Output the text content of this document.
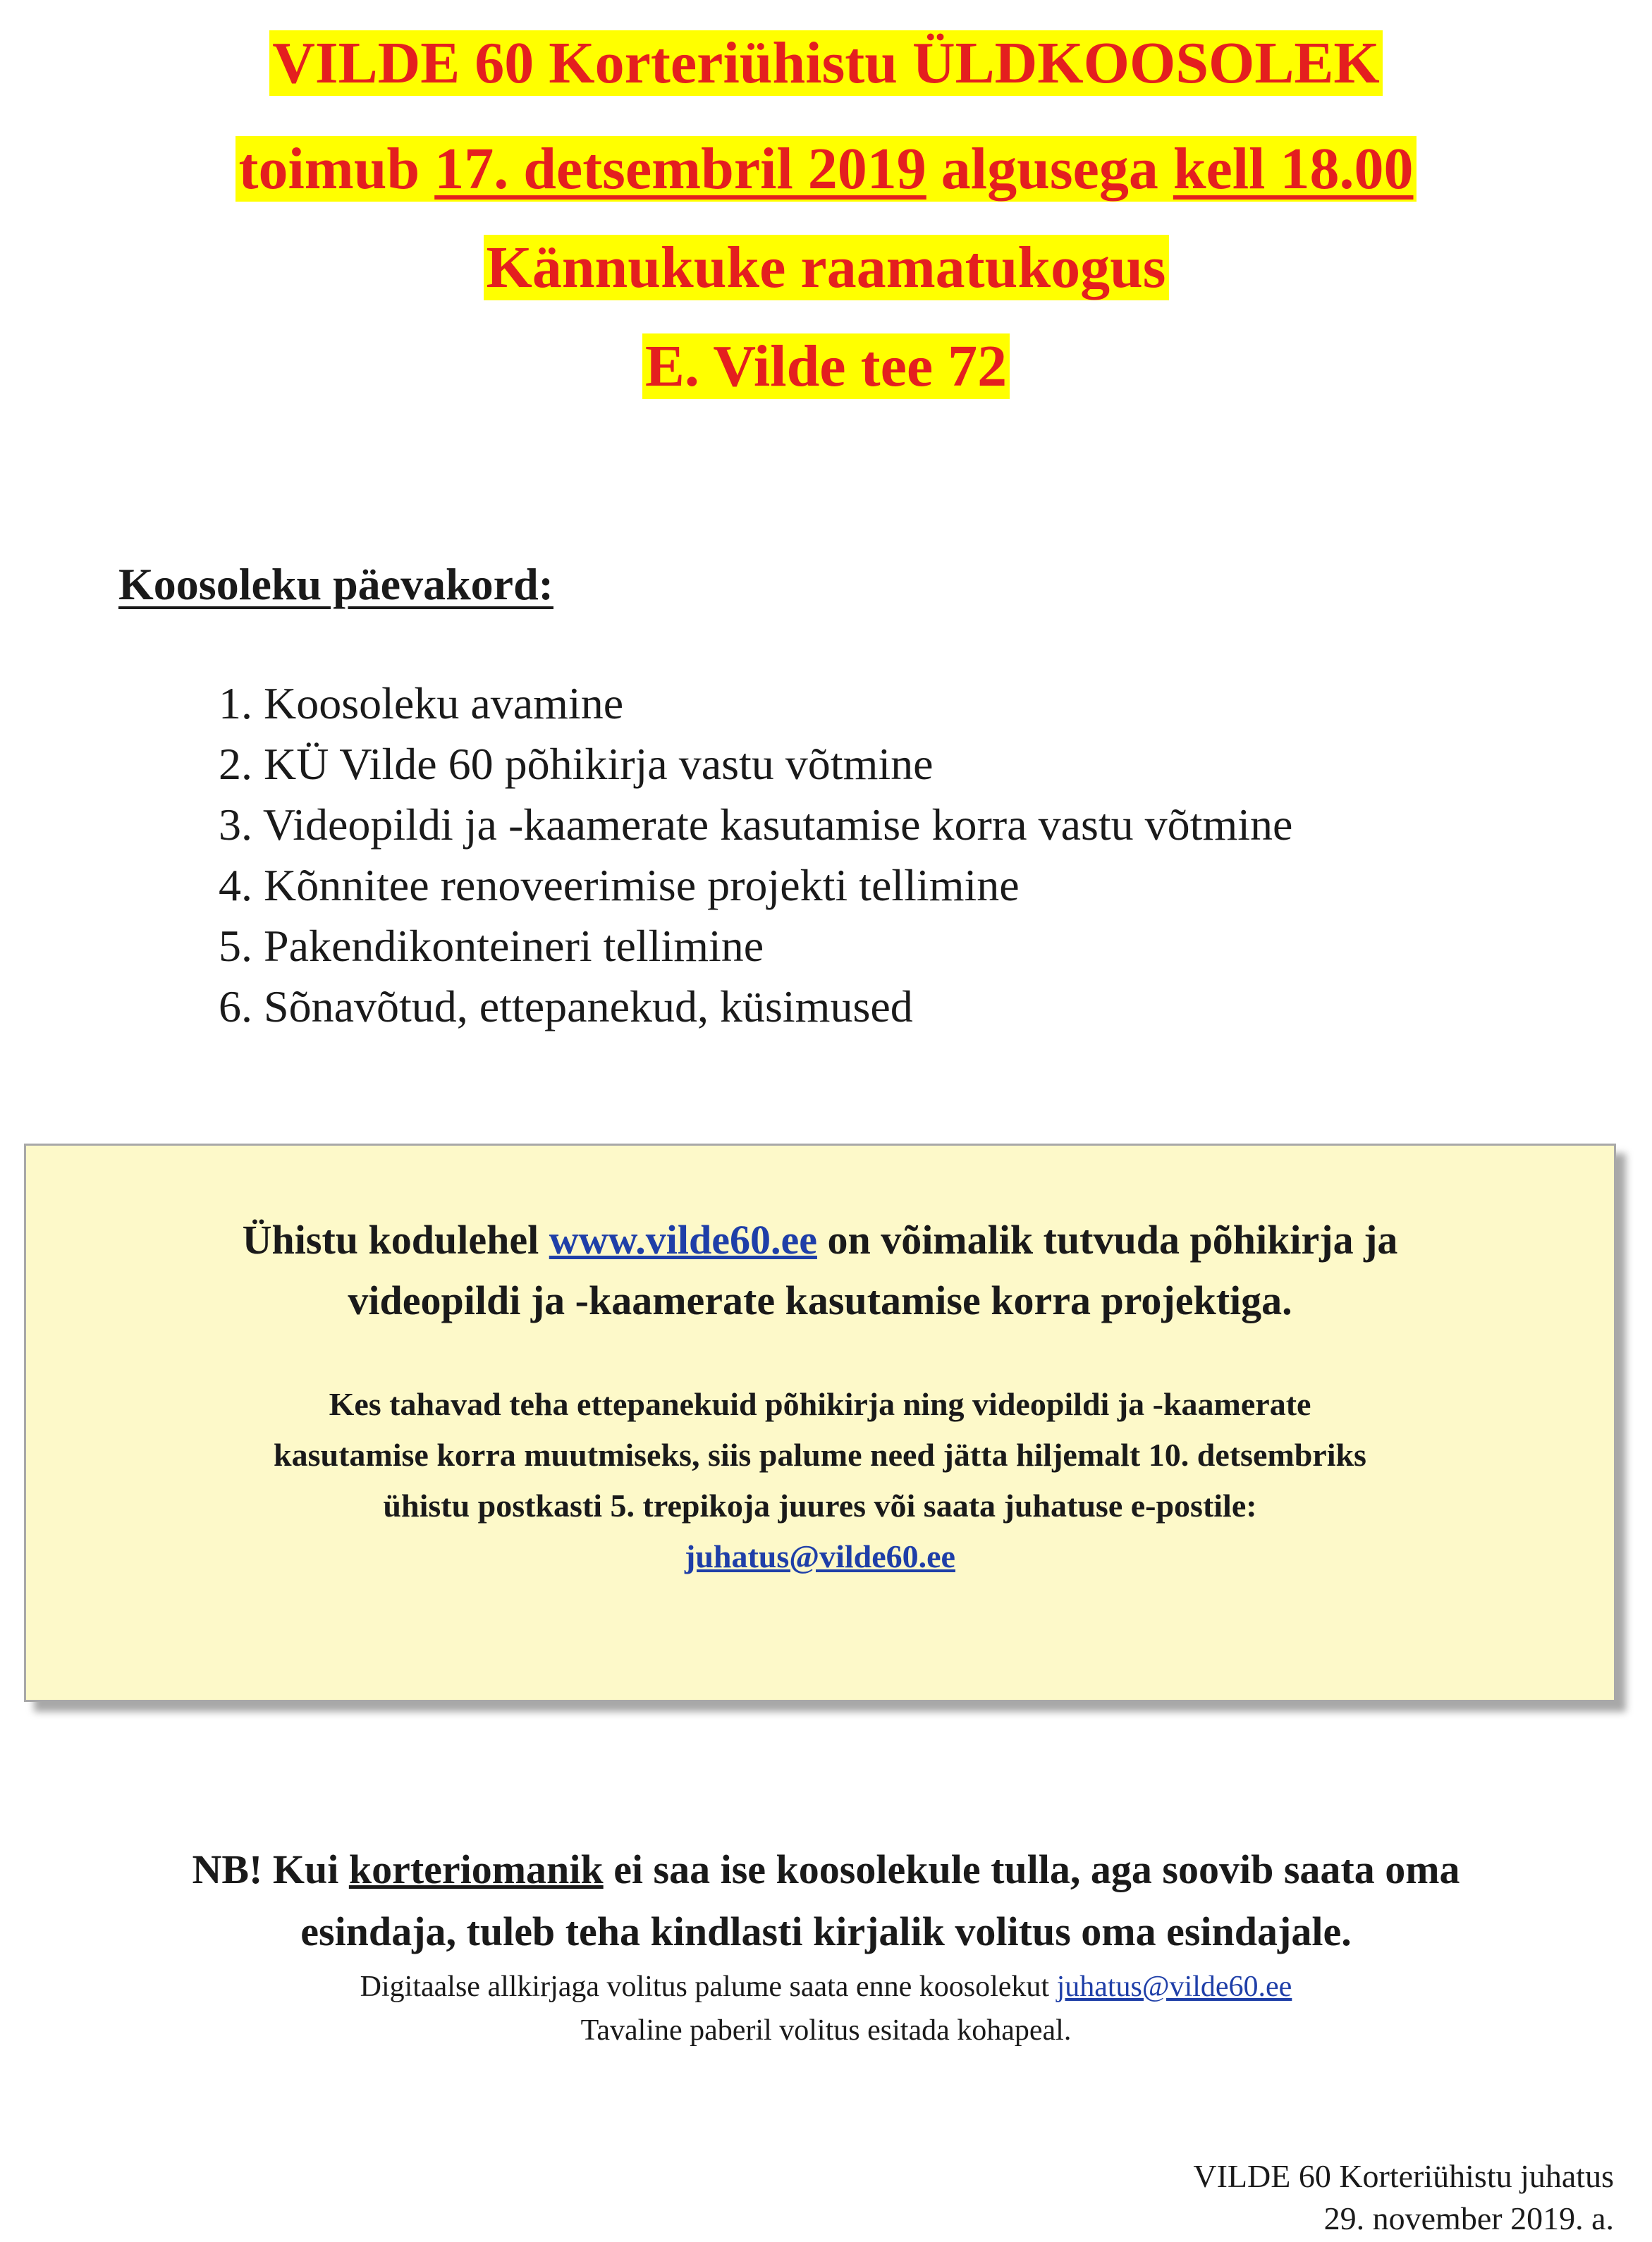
VILDE 60 Korteriühistu ÜLDKOOSOLEK
toimub 17. detsembril 2019 algusega kell 18.00
Kännukuke raamatukogus
E. Vilde tee 72
Koosoleku päevakord:
1. Koosoleku avamine
2. KÜ Vilde 60 põhikirja vastu võtmine
3. Videopildi ja -kaamerate kasutamise korra vastu võtmine
4. Kõnnitee renoveerimise projekti tellimine
5. Pakendikonteineri tellimine
6. Sõnavõtud, ettepanekud, küsimused
Ühistu kodulehel www.vilde60.ee on võimalik tutvuda põhikirja ja
videopildi ja -kaamerate kasutamise korra projektiga.
Kes tahavad teha ettepanekuid põhikirja ning videopildi ja -kaamerate
kasutamise korra muutmiseks, siis palume need jätta hiljemalt 10. detsembriks
ühistu postkasti 5. trepikoja juures või saata juhatuse e-postile:
juhatus@vilde60.ee
NB! Kui korteriomanik ei saa ise koosolekule tulla, aga soovib saata oma
esindaja, tuleb teha kindlasti kirjalik volitus oma esindajale.
Digitaalse allkirjaga volitus palume saata enne koosolekut juhatus@vilde60.ee
Tavaline paberil volitus esitada kohapeal.
VILDE 60 Korteriühistu juhatus
29. november 2019. a.
